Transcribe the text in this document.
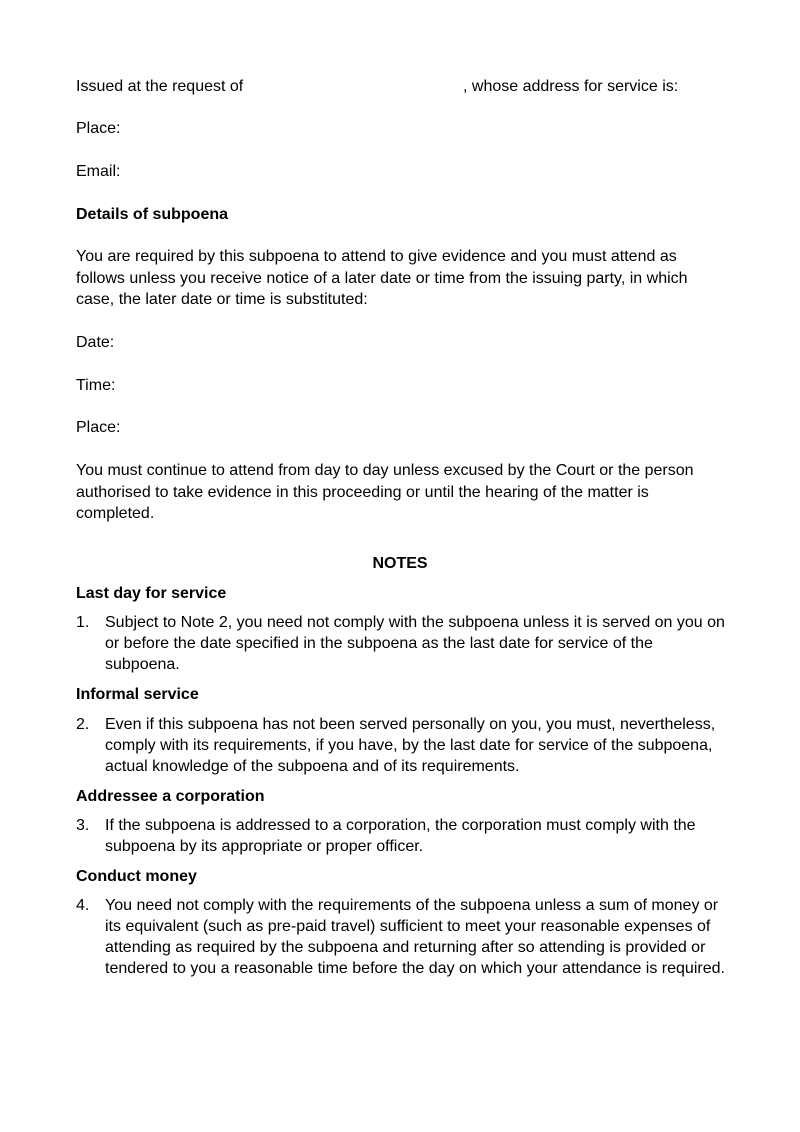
Issued at the request of	, whose address for service is:
Place:
Email:
Details of subpoena
You are required by this subpoena to attend to give evidence and you must attend as follows unless you receive notice of a later date or time from the issuing party, in which case, the later date or time is substituted:
Date:
Time:
Place:
You must continue to attend from day to day unless excused by the Court or the person authorised to take evidence in this proceeding or until the hearing of the matter is completed.
NOTES
Last day for service
1. Subject to Note 2, you need not comply with the subpoena unless it is served on you on or before the date specified in the subpoena as the last date for service of the subpoena.
Informal service
2. Even if this subpoena has not been served personally on you, you must, nevertheless, comply with its requirements, if you have, by the last date for service of the subpoena, actual knowledge of the subpoena and of its requirements.
Addressee a corporation
3. If the subpoena is addressed to a corporation, the corporation must comply with the subpoena by its appropriate or proper officer.
Conduct money
4. You need not comply with the requirements of the subpoena unless a sum of money or its equivalent (such as pre-paid travel) sufficient to meet your reasonable expenses of attending as required by the subpoena and returning after so attending is provided or tendered to you a reasonable time before the day on which your attendance is required.
